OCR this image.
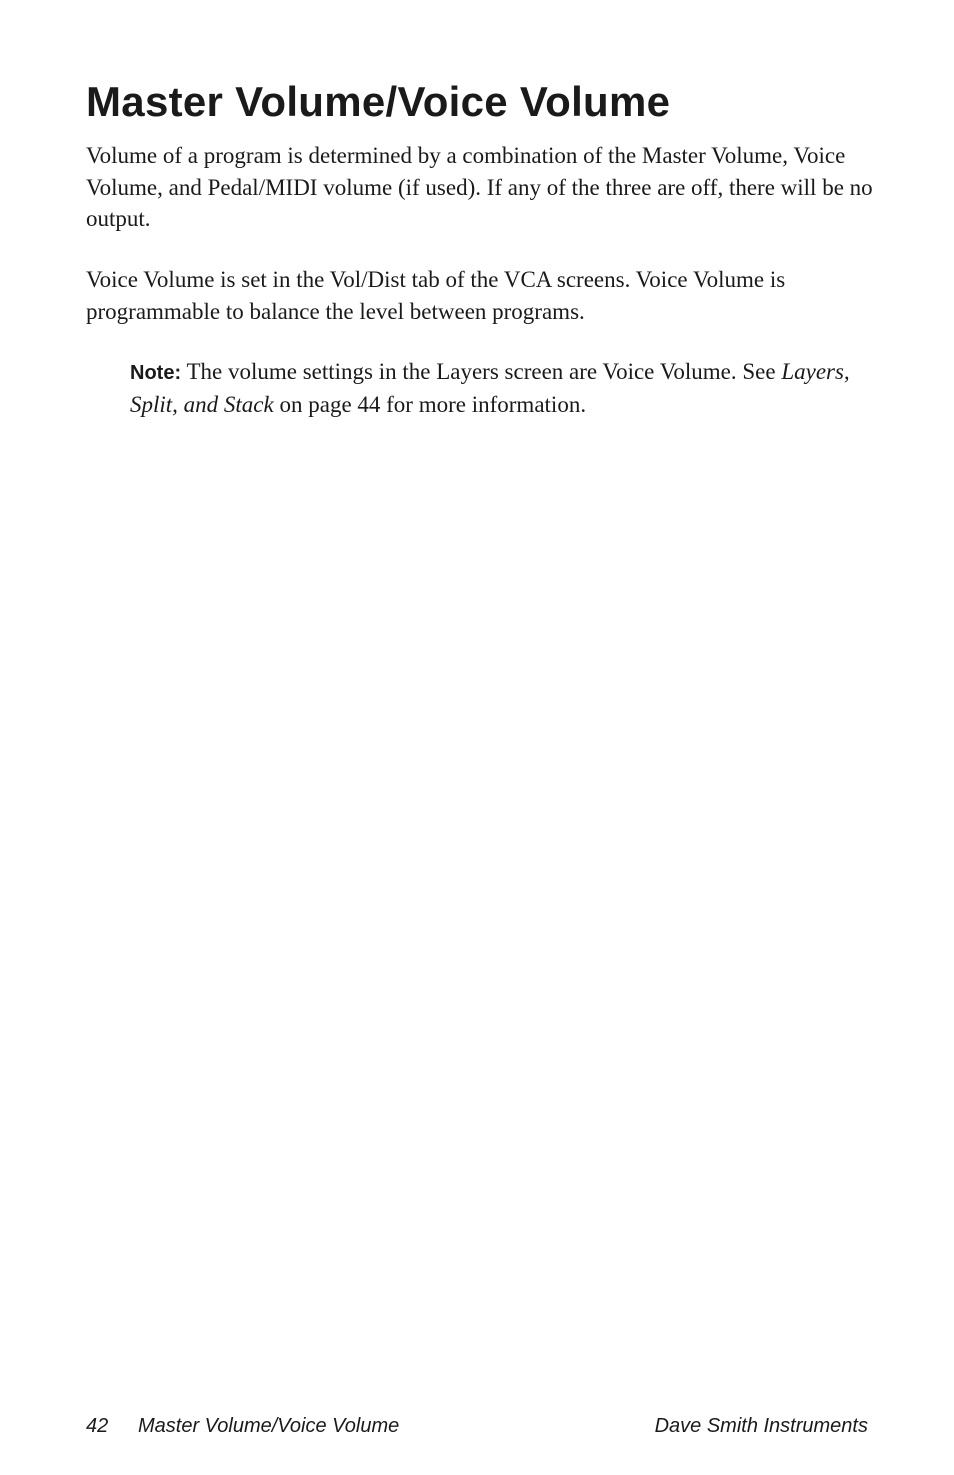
Master Volume/Voice Volume

Volume of a program is determined by a combination of the Master Volume, Voice Volume, and Pedal/MIDI volume (if used). If any of the three are off, there will be no output.

Voice Volume is set in the Vol/Dist tab of the VCA screens. Voice Volume is programmable to balance the level between programs.

Note: The volume settings in the Layers screen are Voice Volume. See Layers, Split, and Stack on page 44 for more information.

42 Master Volume/Voice Volume	Dave Smith Instruments
